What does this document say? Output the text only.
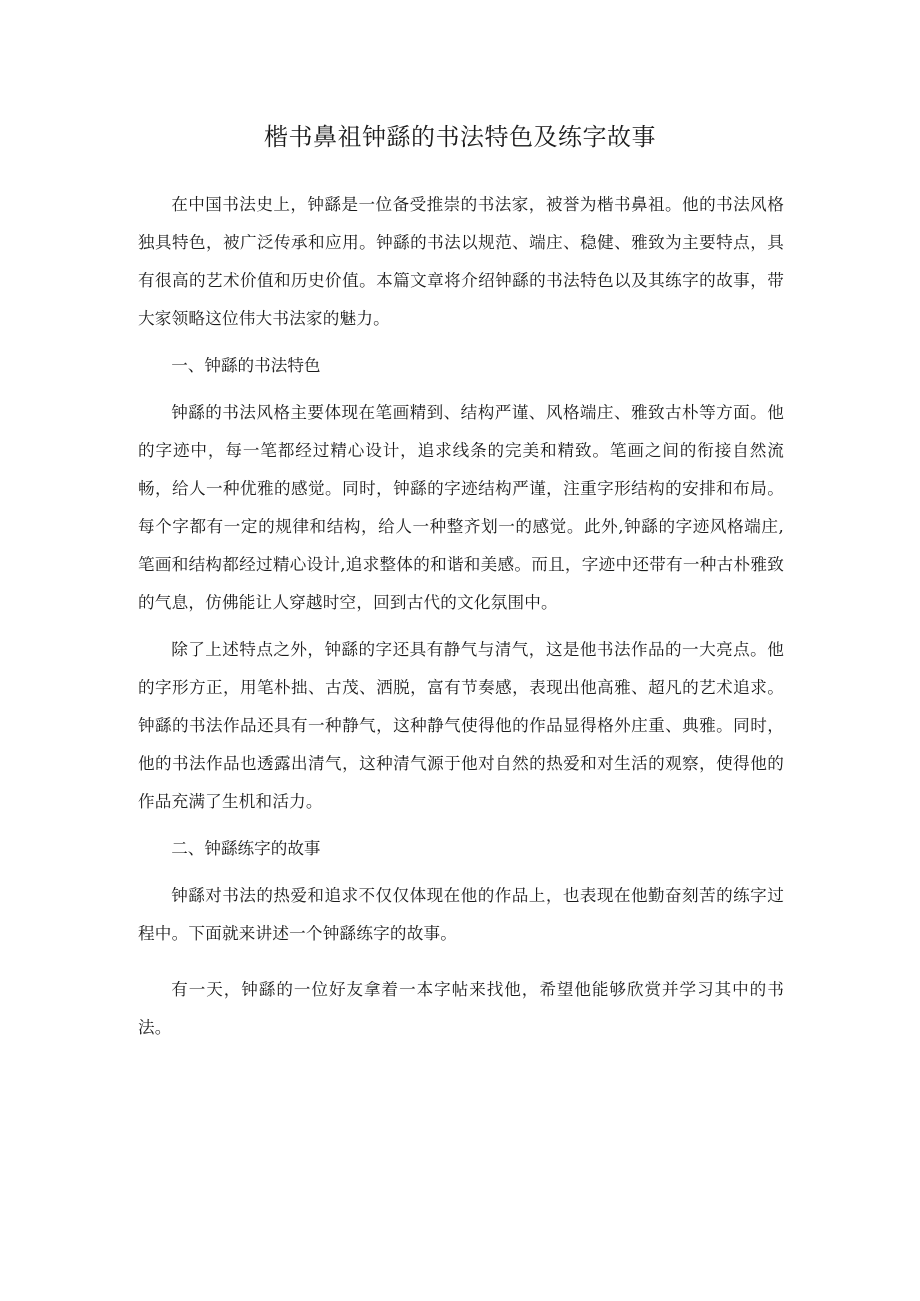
楷书鼻祖钟繇的书法特色及练字故事

在中国书法史上，钟繇是一位备受推崇的书法家，被誉为楷书鼻祖。他的书法风格独具特色，被广泛传承和应用。钟繇的书法以规范、端庄、稳健、雅致为主要特点，具有很高的艺术价值和历史价值。本篇文章将介绍钟繇的书法特色以及其练字的故事，带大家领略这位伟大书法家的魅力。

一、钟繇的书法特色

钟繇的书法风格主要体现在笔画精到、结构严谨、风格端庄、雅致古朴等方面。他的字迹中，每一笔都经过精心设计，追求线条的完美和精致。笔画之间的衔接自然流畅，给人一种优雅的感觉。同时，钟繇的字迹结构严谨，注重字形结构的安排和布局。每个字都有一定的规律和结构，给人一种整齐划一的感觉。此外,钟繇的字迹风格端庄,笔画和结构都经过精心设计,追求整体的和谐和美感。而且，字迹中还带有一种古朴雅致的气息，仿佛能让人穿越时空，回到古代的文化氛围中。

除了上述特点之外，钟繇的字还具有静气与清气，这是他书法作品的一大亮点。他的字形方正，用笔朴拙、古茂、洒脱，富有节奏感，表现出他高雅、超凡的艺术追求。钟繇的书法作品还具有一种静气，这种静气使得他的作品显得格外庄重、典雅。同时，他的书法作品也透露出清气，这种清气源于他对自然的热爱和对生活的观察，使得他的作品充满了生机和活力。

二、钟繇练字的故事

钟繇对书法的热爱和追求不仅仅体现在他的作品上，也表现在他勤奋刻苦的练字过程中。下面就来讲述一个钟繇练字的故事。

有一天，钟繇的一位好友拿着一本字帖来找他，希望他能够欣赏并学习其中的书法。
